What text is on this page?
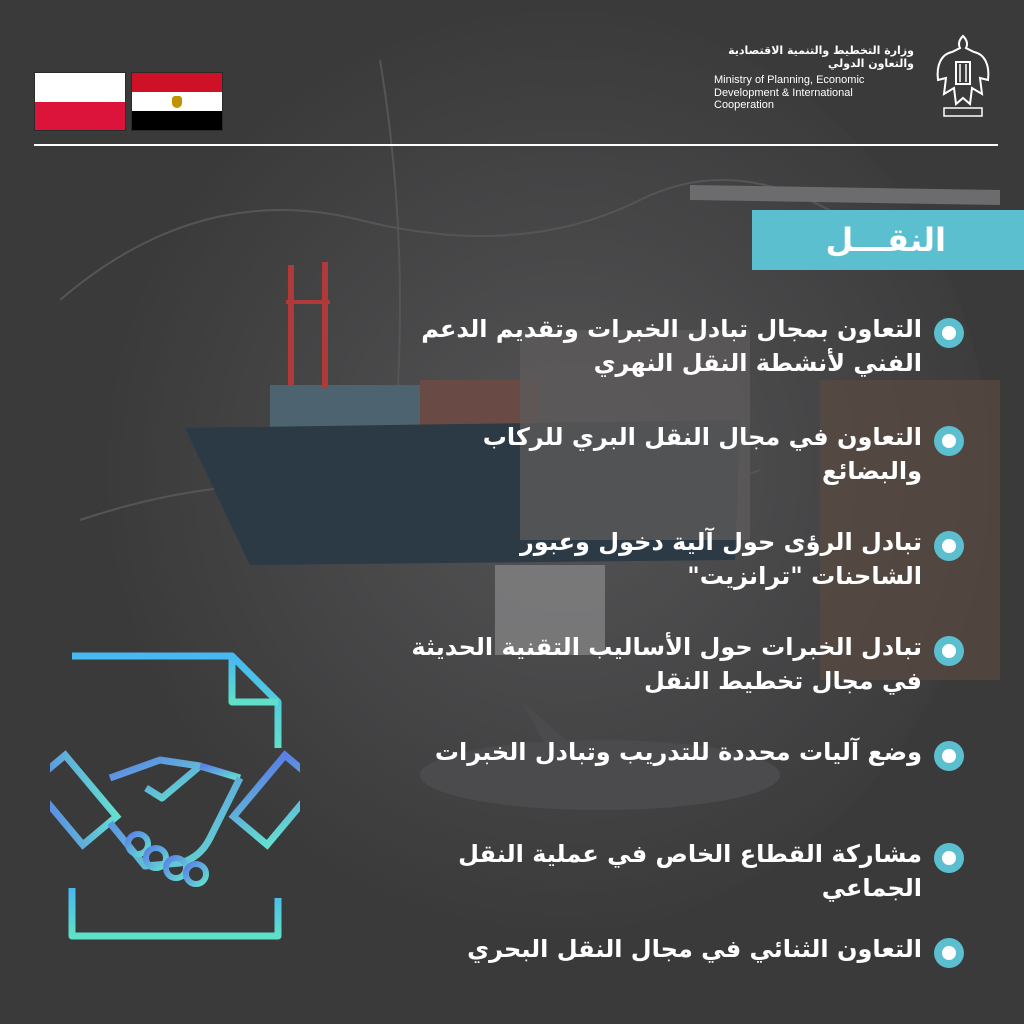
وزارة التخطيط والتنمية الاقتصادية
والتعاون الدولي
Ministry of Planning, Economic
Development & International
Cooperation
النقـــل
التعاون بمجال تبادل الخبرات وتقديم الدعم الفني لأنشطة النقل النهري
التعاون في مجال النقل البري للركاب والبضائع
تبادل الرؤى حول آلية دخول وعبور الشاحنات "ترانزيت"
تبادل الخبرات حول الأساليب التقنية الحديثة في مجال تخطيط النقل
وضع آليات محددة للتدريب وتبادل الخبرات
مشاركة القطاع الخاص في عملية النقل الجماعي
التعاون الثنائي في مجال النقل البحري
